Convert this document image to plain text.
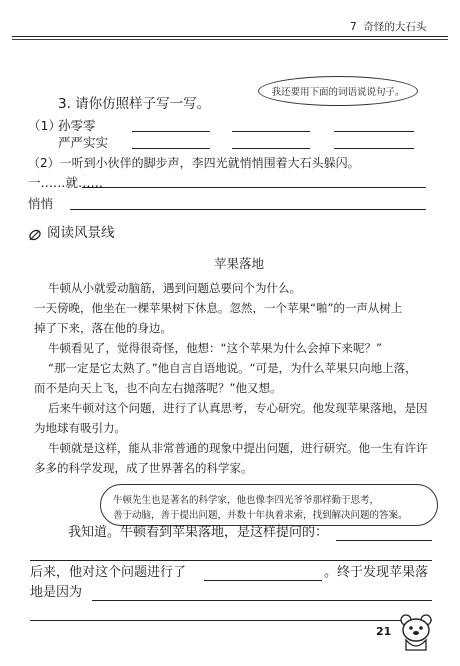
7 奇怪的大石头
我还要用下面的词语说说句子。
3. 请你仿照样子写一写。
（1）
孙零零
严严实实
（2）一听到小伙伴的脚步声，李四光就悄悄围着大石头躲闪。
一……就……
悄悄
阅读风景线
苹果落地
牛顿从小就爱动脑筋，遇到问题总要问个为什么。
一天傍晚，他坐在一棵苹果树下休息。忽然，一个苹果“啪”的一声从树上
掉了下来，落在他的身边。
牛顿看见了，觉得很奇怪，他想：“这个苹果为什么会掉下来呢？”
“那一定是它太熟了。”他自言自语地说。“可是，为什么苹果只向地上落，
而不是向天上飞，也不向左右抛落呢？”他又想。
后来牛顿对这个问题，进行了认真思考，专心研究。他发现苹果落地，是因
为地球有吸引力。
牛顿就是这样，能从非常普通的现象中提出问题，进行研究。他一生有许许
多多的科学发现，成了世界著名的科学家。
牛顿先生也是著名的科学家，他也像李四光爷爷那样勤于思考，
善于动脑，善于提出问题，并数十年执着求索，找到解决问题的答案。
我知道。牛顿看到苹果落地，是这样提问的：
后来，他对这个问题进行了	。终于发现苹果落
地是因为
21
